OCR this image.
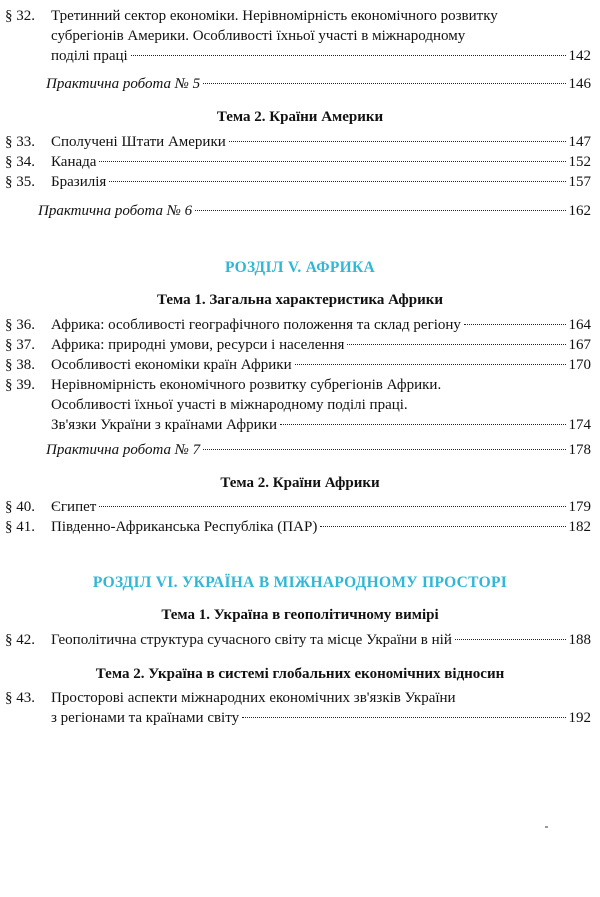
§ 32.	Третинний сектор економіки. Нерівномірність економічного розвитку
субрегіонів Америки. Особливості їхньої участі в міжнародному
поділі праці	142
Практична робота № 5	146
Тема 2. Країни Америки
§ 33.	Сполучені Штати Америки	147
§ 34.	Канада	152
§ 35.	Бразилія	157
Практична робота № 6	162
РОЗДІЛ V. АФРИКА
Тема 1. Загальна характеристика Африки
§ 36.	Африка: особливості географічного положення та склад регіону	164
§ 37.	Африка: природні умови, ресурси і населення	167
§ 38.	Особливості економіки країн Африки	170
§ 39.	Нерівномірність економічного розвитку субрегіонів Африки.
Особливості їхньої участі в міжнародному поділі праці.
Зв'язки України з країнами Африки	174
Практична робота № 7	178
Тема 2. Країни Африки
§ 40.	Єгипет	179
§ 41.	Південно-Африканська Республіка (ПАР)	182
РОЗДІЛ VI. УКРАЇНА В МІЖНАРОДНОМУ ПРОСТОРІ
Тема 1. Україна в геополітичному вимірі
§ 42.	Геополітична структура сучасного світу та місце України в ній	188
Тема 2. Україна в системі глобальних економічних відносин
§ 43.	Просторові аспекти міжнародних економічних зв'язків України
з регіонами та країнами світу	192
